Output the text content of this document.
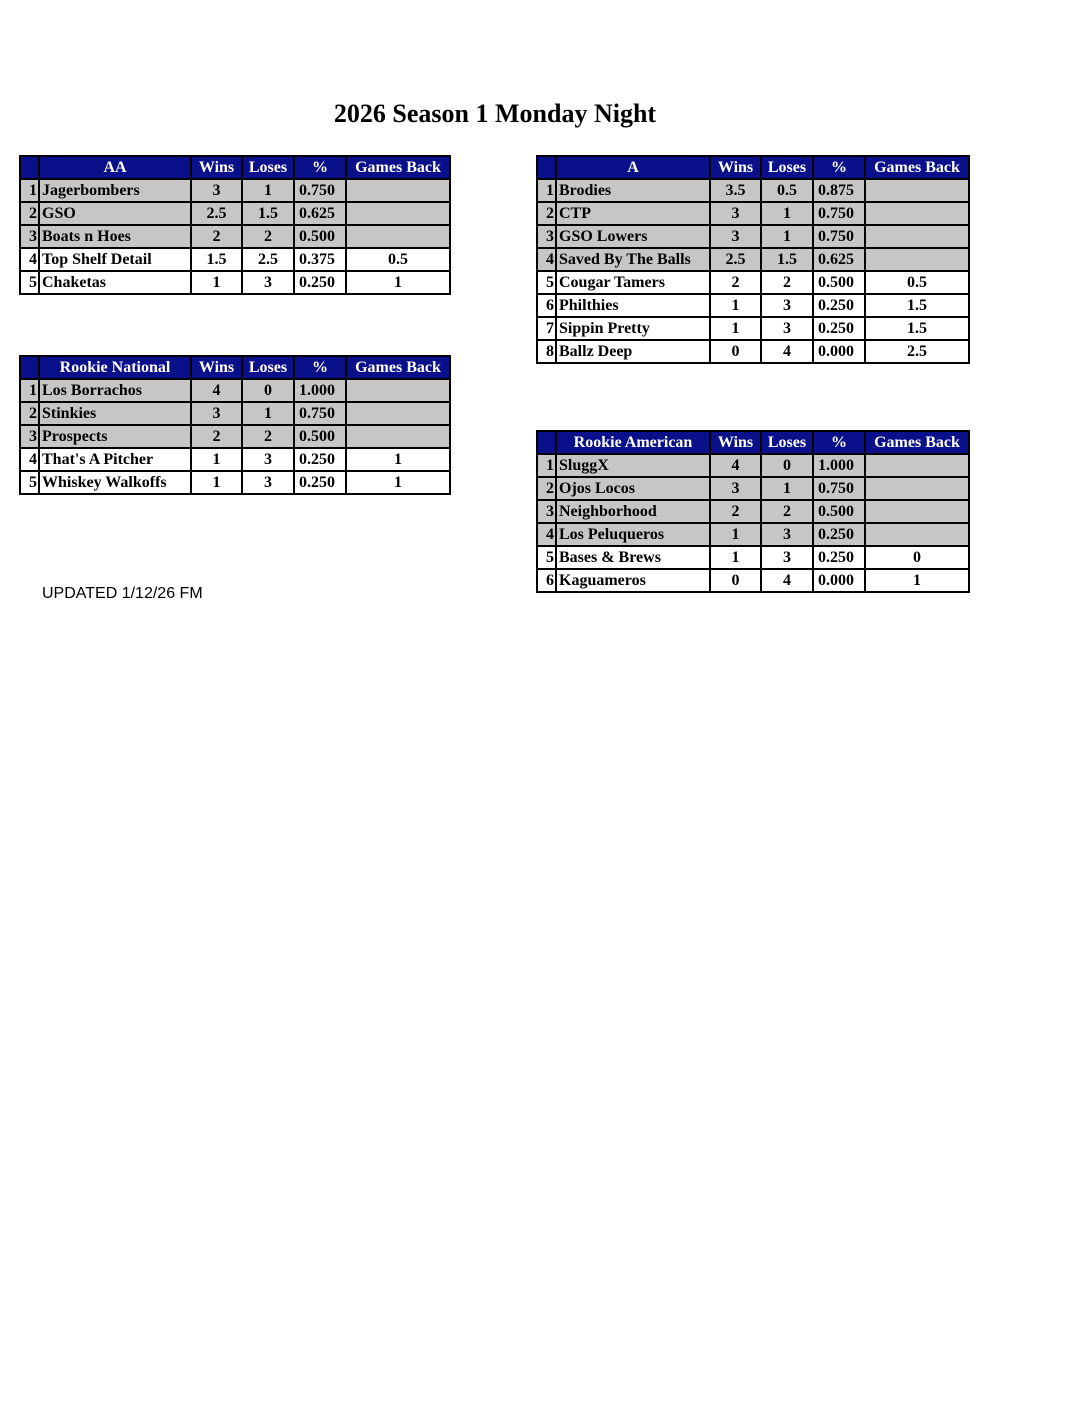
2026 Season 1 Monday Night
	AA	Wins	Loses	%	Games Back
1	Jagerbombers	3	1	0.750	
2	GSO	2.5	1.5	0.625	
3	Boats n Hoes	2	2	0.500	
4	Top Shelf Detail	1.5	2.5	0.375	0.5
5	Chaketas	1	3	0.250	1
	Rookie National	Wins	Loses	%	Games Back
1	Los Borrachos	4	0	1.000	
2	Stinkies	3	1	0.750	
3	Prospects	2	2	0.500	
4	That's A Pitcher	1	3	0.250	1
5	Whiskey Walkoffs	1	3	0.250	1
	A	Wins	Loses	%	Games Back
1	Brodies	3.5	0.5	0.875	
2	CTP	3	1	0.750	
3	GSO Lowers	3	1	0.750	
4	Saved By The Balls	2.5	1.5	0.625	
5	Cougar Tamers	2	2	0.500	0.5
6	Philthies	1	3	0.250	1.5
7	Sippin Pretty	1	3	0.250	1.5
8	Ballz Deep	0	4	0.000	2.5
	Rookie American	Wins	Loses	%	Games Back
1	SluggX	4	0	1.000	
2	Ojos Locos	3	1	0.750	
3	Neighborhood	2	2	0.500	
4	Los Peluqueros	1	3	0.250	
5	Bases & Brews	1	3	0.250	0
6	Kaguameros	0	4	0.000	1
UPDATED 1/12/26 FM
